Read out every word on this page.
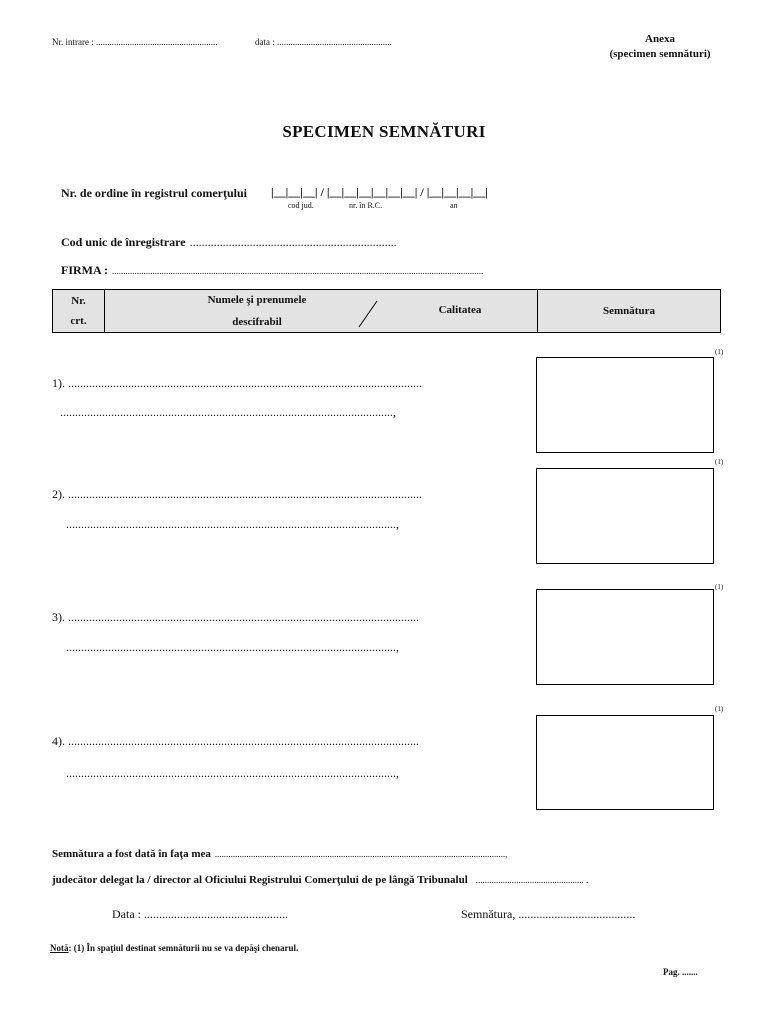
Nr. intrare : ......................................................	data : ...................................................	Anexa
(specimen semnături)
SPECIMEN SEMNĂTURI
Nr. de ordine în registrul comerţului |__|__|__| / |__|__|__|__|__|__| / |__|__|__|__|
cod jud.	nr. în R.C.	an
Cod unic de înregistrare .....................................................................
FIRMA : .....................................................................................................................................................................
Nr.
crt.

Numele şi prenumele
descifrabil
Calitatea	Semnătura
(1)
1). ......................................................................................................................
...............................................................................................................,
(1)
2). ......................................................................................................................
..............................................................................................................,
(1)
3). .....................................................................................................................
..............................................................................................................,
(1)
4). .....................................................................................................................
..............................................................................................................,
Semnătura a fost dată în faţa mea .................................................................................................................................,
judecător delegat la / director al Oficiului Registrului Comerţului de pe lângă Tribunalul ................................................ .
Data : ................................................	Semnătura, .......................................
Notă: (1) În spaţiul destinat semnăturii nu se va depăşi chenarul.
Pag. .......
